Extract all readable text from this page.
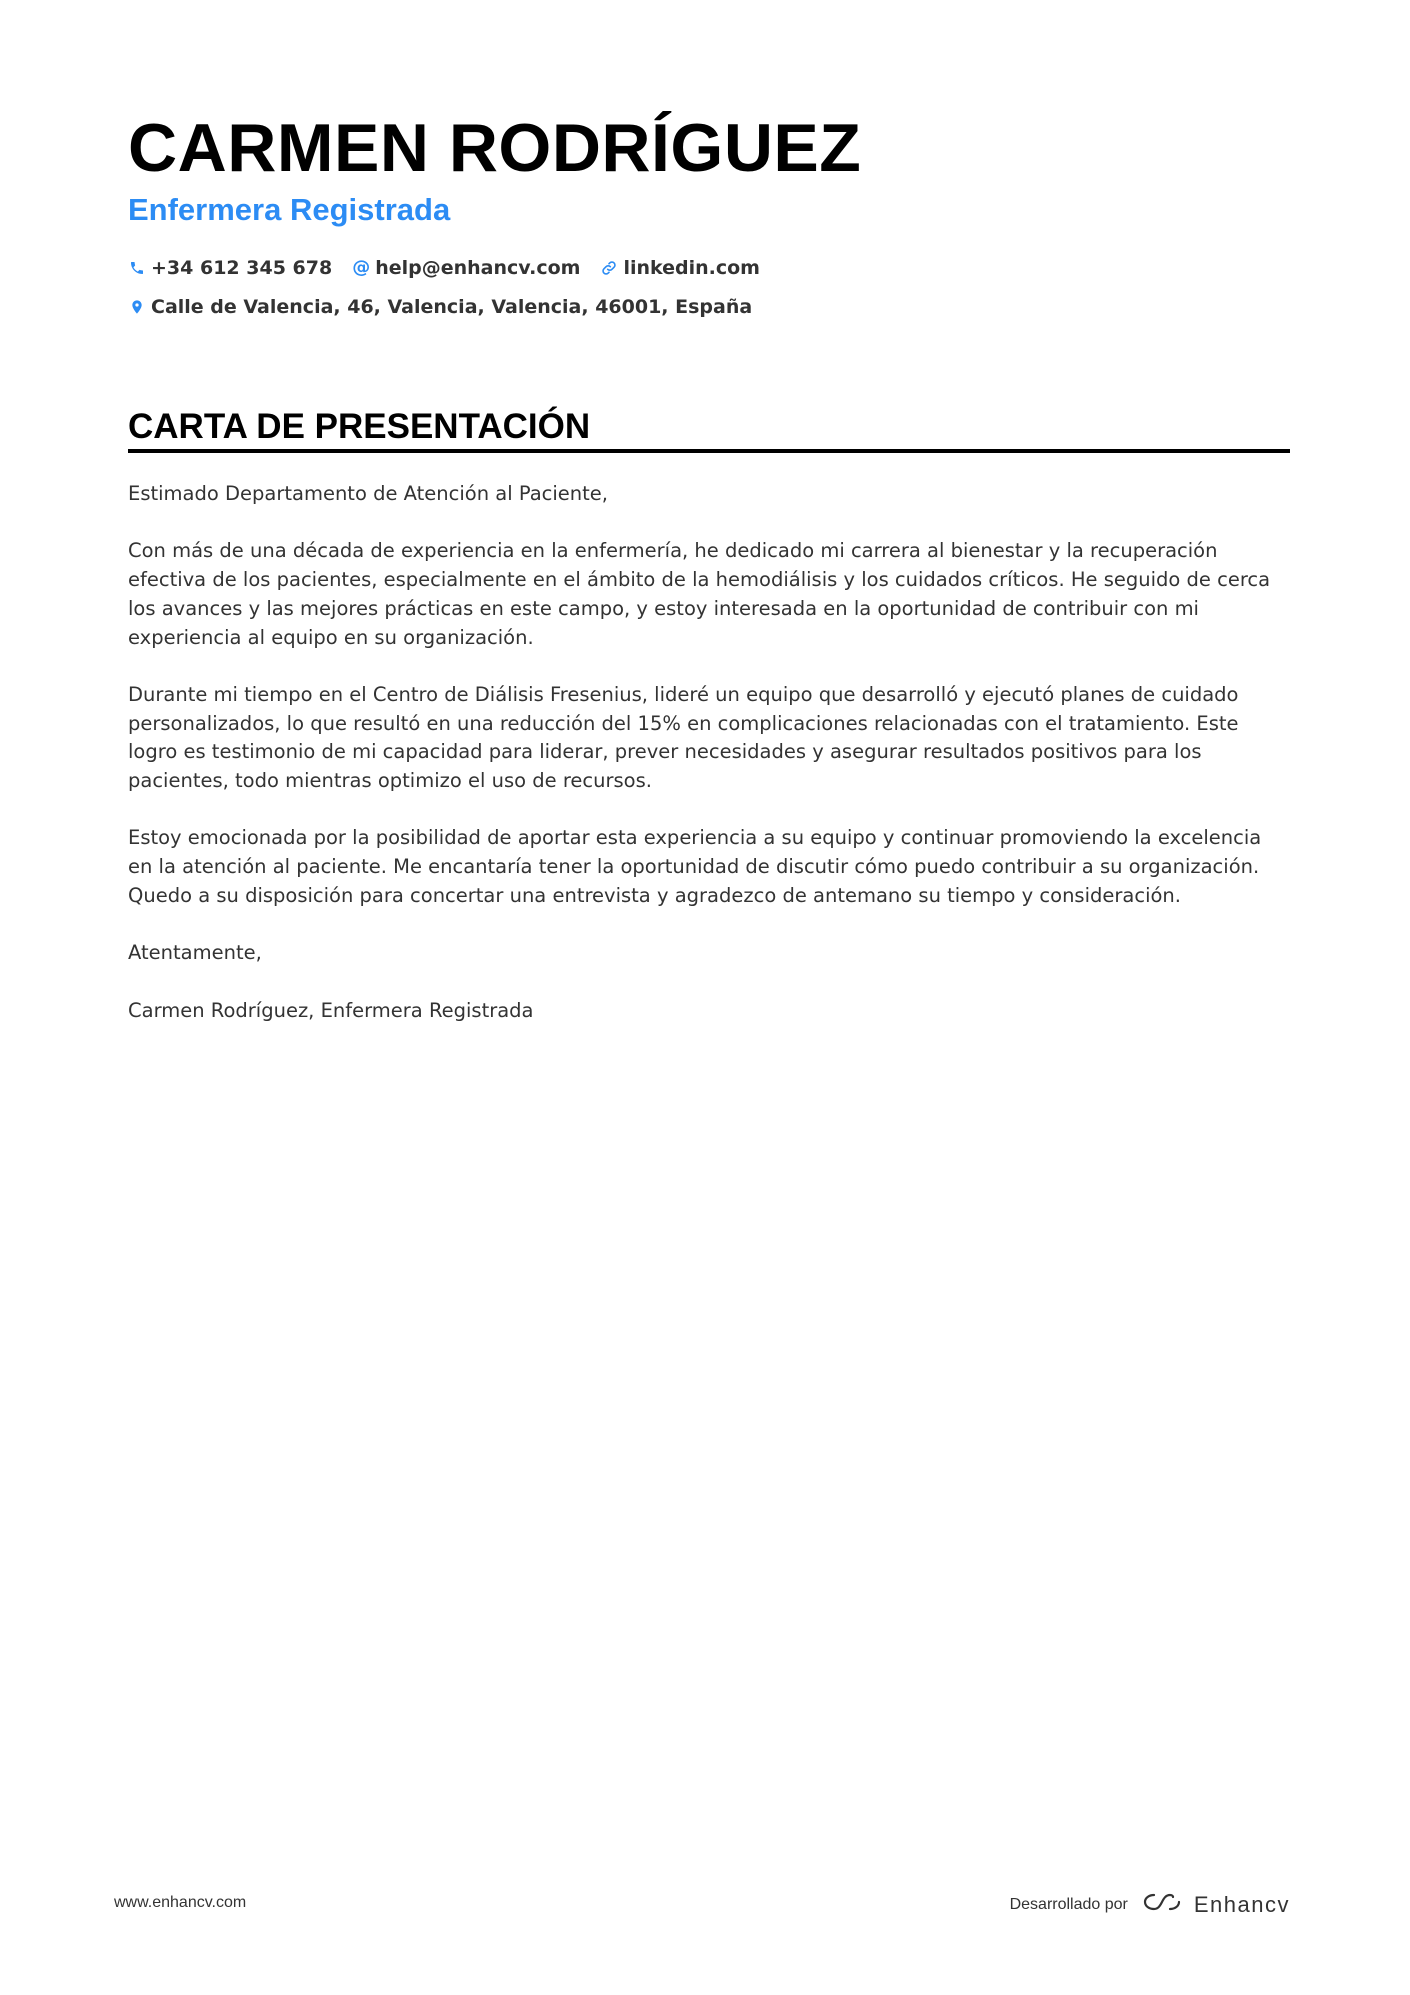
CARMEN RODRÍGUEZ
Enfermera Registrada
+34 612 345 678 @ help@enhancv.com linkedin.com
Calle de Valencia, 46, Valencia, Valencia, 46001, España
CARTA DE PRESENTACIÓN

Estimado Departamento de Atención al Paciente,

Con más de una década de experiencia en la enfermería, he dedicado mi carrera al bienestar y la recuperación efectiva de los pacientes, especialmente en el ámbito de la hemodiálisis y los cuidados críticos. He seguido de cerca los avances y las mejores prácticas en este campo, y estoy interesada en la oportunidad de contribuir con mi experiencia al equipo en su organización.

Durante mi tiempo en el Centro de Diálisis Fresenius, lideré un equipo que desarrolló y ejecutó planes de cuidado personalizados, lo que resultó en una reducción del 15% en complicaciones relacionadas con el tratamiento. Este logro es testimonio de mi capacidad para liderar, prever necesidades y asegurar resultados positivos para los pacientes, todo mientras optimizo el uso de recursos.

Estoy emocionada por la posibilidad de aportar esta experiencia a su equipo y continuar promoviendo la excelencia en la atención al paciente. Me encantaría tener la oportunidad de discutir cómo puedo contribuir a su organización. Quedo a su disposición para concertar una entrevista y agradezco de antemano su tiempo y consideración.

Atentamente,

Carmen Rodríguez, Enfermera Registrada

www.enhancv.com	Desarrollado por	Enhancv
